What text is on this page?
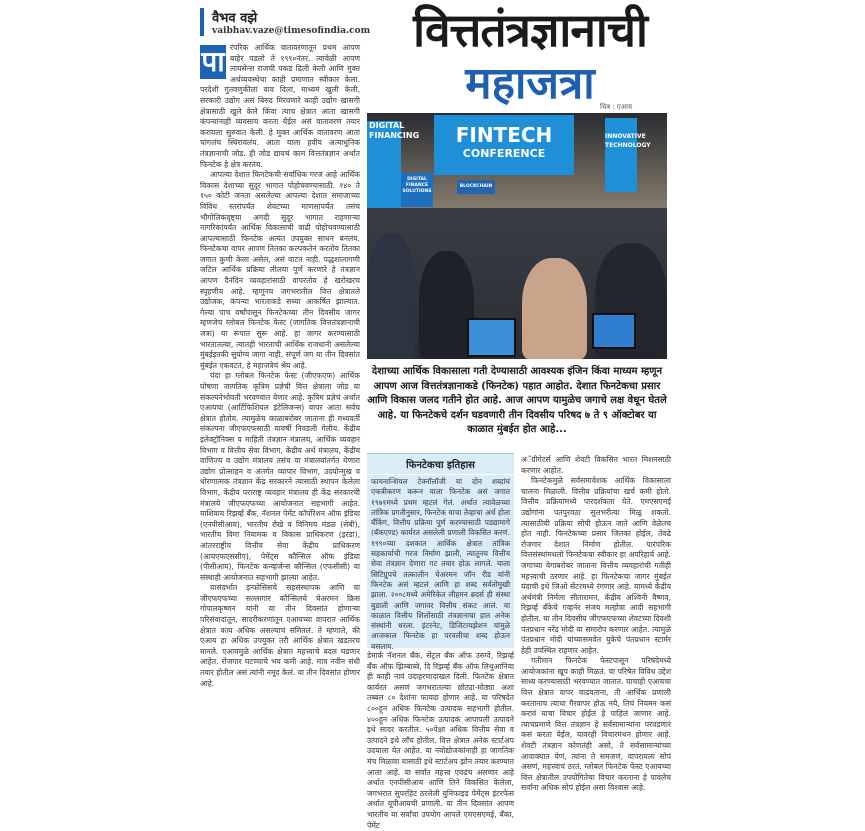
वैभव वझे
vaibhav.vaze@timesofindia.com
पा रंपरिक आर्थिक वातावरणातून प्रथम आपण बाहेर पडलो ते १९९०नंतर. त्यावेळी आपण लायसेन्स राजची पकड ढिली केली आणि मुक्त अर्थव्यवस्थेचा काही प्रमाणात स्वीकार केला. परदेशी गुंतवणुकीला वाव दिला, माध्यमं खुली केली, सरकारी उद्योग असं बिरुद मिरवणारे काही उद्योग खासगी क्षेत्रासाठी खुले केले किंवा त्याच क्षेत्रात आता खासगी कंपन्यांनाही व्यवसाय करता येईल असं वातावरण तयार करायला सुरुवात केली. हे मुक्त आर्थिक वातावरण आता चांगलंच स्थिरावलंय. आता याला हवीय अत्याधुनिक तंत्रज्ञानाची जोड. ही जोड द्यायचं काम वित्ततंत्रज्ञान अर्थात फिनटेक हे क्षेत्र करतंय.

आपल्या देशात फिनटेकची सर्वाधिक गरज आहे आर्थिक विकास देशाच्या सुदूर भागात पोहोचवण्यासाठी. १४० ते १५० कोटी जनता असलेल्या आपल्या देशात समाजाच्या विविध स्तरांपर्यंत शेवटच्या माणसापर्यंत तसंच भौगोलिकदृष्ट्या अगदी सुदूर भागात राहणाऱ्या नागरिकांपर्यंत आर्थिक विकासाची वाढी पोहोचवण्यासाठी आपल्यासाठी फिनटेक अत्यंत उपयुक्त साधन बनलंय. फिनटेकचा वापर आपण तितका कल्पकतेनं करतोय तितका जगात कुणी केला असेल, असं वाटत नाही. पद्धशालागणी जटिल आर्थिक प्रक्रिया लीलया पूर्ण करणारे हे तंत्रज्ञान आपण दैनंदिन व्यवहारांसाठी वापरतोय हे खरोखरच स्पृहणीय आहे. म्हणूनच जगभरातील वित्त क्षेत्रातले उद्योजक, कंपन्या भारताकडे सध्या आकर्षित झाल्यात. गेल्या पाच वर्षांपासून फिनटेकच्या तीन दिवसीय जागर म्हणजेच ग्लोबल फिनटेक फेस्ट (जागतिक वित्ततंत्रज्ञानाची जत्रा) या रूपात सुरू आहे. हा जागर करण्यासाठी भारतातल्या, त्यातही भारताची आर्थिक राजधानी असलेल्या मुंबईइतकी सुयोग्य जागा नाही. संपूर्ण जग या तीन दिवसांत मुंबईत एकवटतं, हे महाजत्रेचं श्रेय आहे.

यंदा हा ग्लोबल फिनटेक फेस्ट (जीएफएफ) आर्थिक घोषणा जागतिक कृत्रिम प्रज्ञेची वित्त क्षेत्राला जोड या संकल्पनेभोवती भरवण्यात येणार आहे. कृत्रिम प्रज्ञेचं अर्थात एआयचा (आर्टिफिशियल इंटेलिजन्स) वापर आता सर्वच क्षेत्रात होतोय. त्यामुळेच काळाबरोबर जाताना ही मध्यवर्ती संकल्पना जीएफएफसाठी यावर्षी निवडली गेलीय. केंद्रीय इलेक्ट्रॉनिक्स व माहिती तंत्रज्ञान मंत्रालय, आर्थिक व्यवहार विभाग व वित्तीय सेवा विभाग, केंद्रीय अर्थ मंत्रालय, केंद्रीय वाणिज्य व उद्योग मंत्रालय तसंच या मंत्रालयांतर्गत येणारा उद्योग प्रोत्साहन व अंतर्गत व्यापार विभाग, उदयोन्मुख व धोरणात्मक तंत्रज्ञान केंद्र सरकारने त्यासाठी स्थापन केलेला विभाग, केंद्रीय पराराष्ट्र व्यवहार मंत्रालय ही केंद्र सरकारची मंत्रालये जीएफएफच्या आयोजनात सहभागी आहेत. याशिवाय रिझर्व्ह बँक, नॅशनल पेमेंट कॉर्पोरेशन ऑफ इंडिया (एनपीसीआय), भारतीय रोखे व विनिमय मंडळ (सेबी), भारतीय विमा नियामक व विकास प्राधिकरण (इरडा), आंतरराष्ट्रीय वित्तीय सेवा केंद्रीय प्राधिकरण (आयएफएससीए), पेमेंट्स कौन्सिल ऑफ इंडिया (पीसीआय), फिनटेक कन्व्हर्जन्स कौन्सिल (एफसीसी) या संस्थाही आयोजनात सहभागी झाल्या आहेत.

यासंदर्भात इन्फोसिसचे सहसंस्थापक आणि या जीएफएफच्या सल्लागार कौन्सिलचे चेअरमन क्रिस गोपालकृष्णन यांनी या तीन दिवसांत होणाऱ्या परिसंवादांतून, सादरीकरणांतून एआयच्या वापरात आर्थिक क्षेत्रात काय अधिक असल्याचं संमितलं. ते म्हणाले, की एआय हा अधिक उपयुक्त तरी आर्थिक क्षेत्रात खडतरच मानले. एआयमुळे आर्थिक क्षेत्रात महत्त्वाचे बदल घडणार आहेत. रोजगार घटण्याचे भय कमी आहे. मात्र नवीन संधी तयार होतील असं त्यांनी नमूद केलं. या तीन दिवसांत होणार आहे.

वित्ततंत्रज्ञानाची
महाजत्रा चित्र : एआय
DIGITAL FINANCING	FINTECH
CONFERENCE
DIGITAL FINANCE SOLUTIONS
BLOCKCHAIN
INNOVATIVE TECHNOLOGY
देशाच्या आर्थिक विकासाला गती देण्यासाठी आवश्यक इंजिन किंवा माध्यम म्हणून आपण आज वित्ततंत्रज्ञानाकडे (फिनटेक) पहात आहोत. देशात फिनटेकचा प्रसार आणि विकास जलद गतीने होत आहे. आज आपण यामुळेच जगाचे लक्ष वेधून घेतले आहे. या फिनटेकचे दर्शन घडवणारी तीन दिवसीय परिषद ७ ते ९ ऑक्टोबर या काळात मुंबईत होत आहे...
फिनटेकचा इतिहास
फायनान्शियल टेक्नॉलॉजी या दोन शब्दांचं एकत्रीकरण करून याला फिनटेक असं जगात १९७१मध्ये प्रथम म्हटलं गेलं. अर्थात त्यावेळच्या तांत्रिक प्रगतीनुसार, फिनटेक याचा तेव्हाचा अर्थ होता बँकिंग, वित्तीय प्रक्रिया पूर्ण करण्यासाठी पडद्यामागे (बॅकएण्ड) कार्यरत असलेली प्रणाली विकसित करणं. १९९०च्या दशकात आर्थिक क्षेत्रात तांत्रिक सहकार्याची गरज निर्माण झाली, त्यातूनच वित्तीय सेवा तंत्रज्ञान देणारा गट तयार होऊ लागले. याला सिटिग्रुपचे तत्कालीन चेअरमन जॉन रीड यांनी फिनटेक असं म्हटलं आणि हा शब्द सर्वतोमुखी झाला. २००८मध्ये अमेरिकेत लीहमन ब्रदर्स ही संस्था बुडाली आणि जगावर वित्तीय संकट आलं. या काळात वित्तीय शिलोंसाठी तंत्रज्ञानाचा हात अनेक संस्थांनी धरला. इंटरनेट, डिजिटायझेशन यांमुळे आजकाल फिनटेक हा परवलीचा शब्द होऊन बसलाय.

डेमार्क नॅशनल बँक, सेंट्रल बँक ऑफ उरुग्वे, रिझर्व्ह बँक ऑफ झिम्बाब्वे, दि रिझर्व्ह बँक ऑफ लिथुआनिया ही काही नावं उदाहरणादाखल दिली. फिनटेक क्षेत्रात कार्यरत असणं जगभरातल्या छोट्या-मोठ्या अशा तब्बल ८० देशांना फायदा होणार आहे. या परिषदेत ८००हून अधिक फिनटेक उत्पादक सहभागी होतील. ४००हून अधिक फिनटेक उत्पादकं आपापली उत्पादने इथे सादर करतील. ५०पेक्षा अधिक वित्तीय सेवा व उत्पादने इथे लाँच होतील. वित्त क्षेत्रात अनेक स्टार्टअप उदयाला येत आहेत. या नवोद्योजकांनाही हा जागतिक मंच मिळावा यासाठी इथे स्टार्टअप झोन तयार करण्यात आला आहे. या सर्वांत महत्त्व एवढंच असणार आहे अर्थात एनपीसीआय आणि तिने विकसित केलेला, जगभरात सुपरहिट ठरलेली युनिफाइड पेमेंट्स इंटरफेस अर्थात यूपीआयची प्रणाली. या तीन दिवसांत आपण भारतीय या सर्वांचा उपयोग आपले एमएसएमई, बँका, पेमेंट

अॅग्रीगेटर्स आणि शेवटी विकसित भारत मिशनसाठी करणार आहोत.

फिनटेकमुळे सर्वसमावेशक आर्थिक विकासाला चालना मिळाली. वित्तीय प्रक्रियांचा खर्च कमी होतो. वित्तीय प्रक्रियांमध्ये पारदर्शकता येते. एमएसएमई उद्योगांना पतपुरवठा सुलभरीत्या मिळू शकतो. त्यासाठीची प्रक्रिया सोपी होऊन जाते आणि वेळेतच होत नाही. फिनटेकच्या प्रसार जितका होईल, तेवढे रोजगार देशात निर्माण होतील. पारंपरिक वित्तसंस्थांमधलो फिनटेकचा स्वीकार हा अपरिहार्य आहे. जगाच्या वेगाबरोबर जाताना वित्तीय व्यवहारांची गतीही महत्त्वाची ठरणार आहे. हा फिनटेकचा जागर मुंबईत यंदाची इथे जिओ सेंटरमध्ये रंगणार आहे. यामध्ये केंद्रीय अर्थमंत्री निर्मला सीतारामन, केंद्रीय अश्विनी वैष्णव, रिझर्व्ह बँकेचे गव्हर्नर संजय मल्होत्रा आदी सहभागी होतील. या तीन दिवसीय जीएफएफच्या शेवटच्या दिवशी पंतप्रधान नरेंद्र मोदी या समारोप करणार आहेत. त्यामुळे पंतप्रधान मोदी यांच्यासमवेत युकेचे पंतप्रधान स्टार्मर हेही उपस्थित राहणार आहेत.

गतीमान फिनटेक फेस्टपासून परिषदेमध्ये आयोजकांना खूप काही मिळतं. या परिषेत विविध उद्देश साध्य करण्यासाठी भरवण्यात जातात. याचाही एआयचा वित्त क्षेत्रात वापर वाढवताना, ती आर्थिक प्रणाली करतानाच त्याचा गैरवापर होऊ नये, तिचं नियमन कसं करावं याचा विचार होईल हे पाहिलं जाणार आहे. त्याचप्रमाणे वित्त तंत्रज्ञान हे सर्वसामान्यांना परवडणारं कसं करता येईल, यावरही विचारमंथन होणार आहे. शेवटी तंत्रज्ञान कोणतंही असो, ते सर्वसामान्यांच्या आवाक्यात येणं, त्यांना ते समजणं, वापरायला सोपं असणं, महत्त्वाचं ठरतं. ग्लोबल फिनटेक फेस्ट एआयच्या वित्त क्षेत्रातील उपयोगितेचा विचार करताना हे पावलेच सर्वांना अधिक सोपं होईल असा विश्वास आहे.
